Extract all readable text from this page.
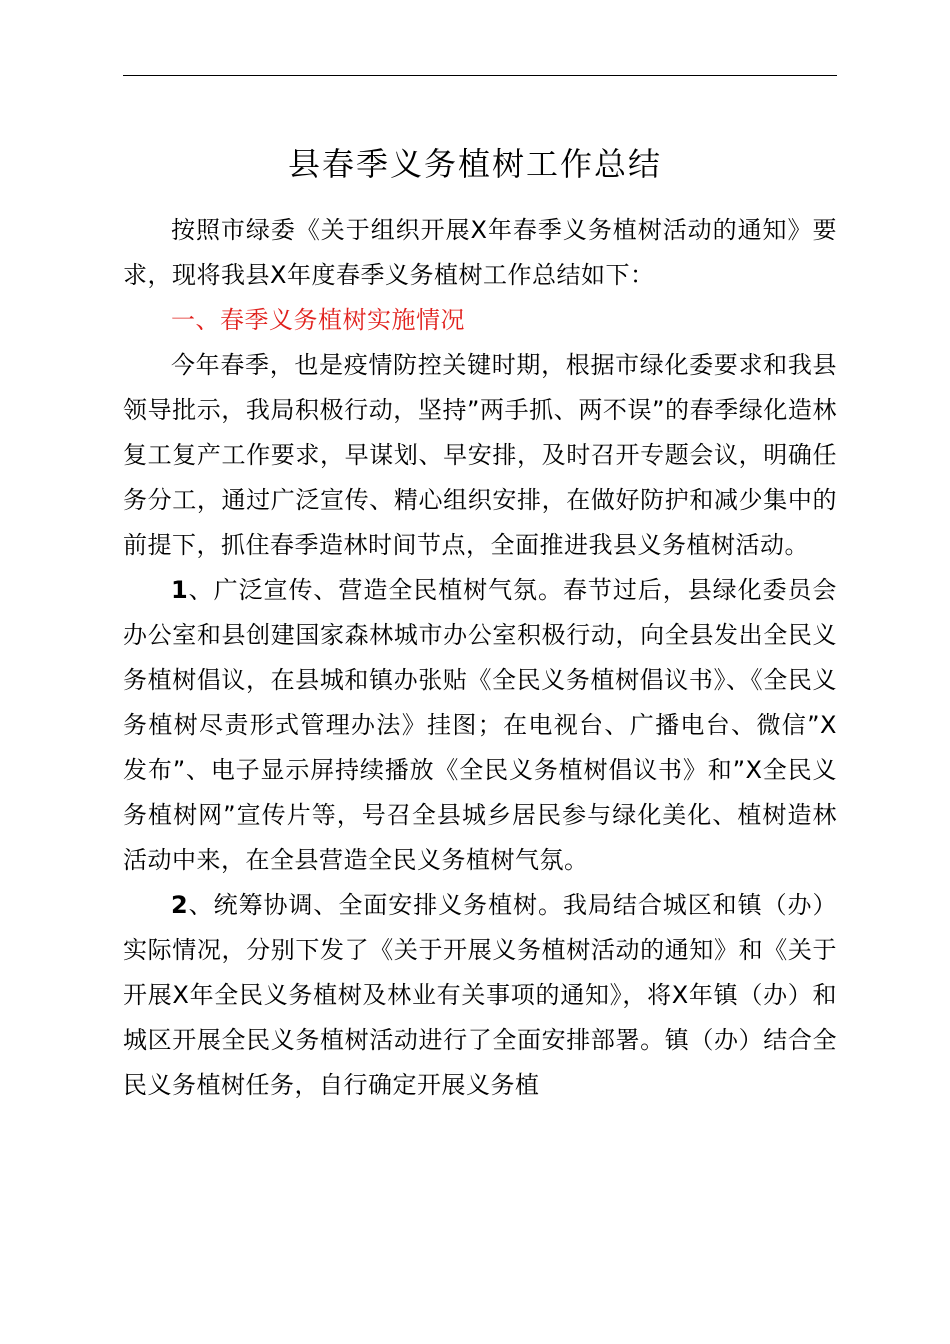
县春季义务植树工作总结

按照市绿委《关于组织开展X年春季义务植树活动的通知》要求，现将我县X年度春季义务植树工作总结如下：

一、春季义务植树实施情况

今年春季，也是疫情防控关键时期，根据市绿化委要求和我县领导批示，我局积极行动，坚持”两手抓、两不误”的春季绿化造林复工复产工作要求，早谋划、早安排，及时召开专题会议，明确任务分工，通过广泛宣传、精心组织安排，在做好防护和减少集中的前提下，抓住春季造林时间节点，全面推进我县义务植树活动。

1、广泛宣传、营造全民植树气氛。春节过后，县绿化委员会办公室和县创建国家森林城市办公室积极行动，向全县发出全民义务植树倡议，在县城和镇办张贴《全民义务植树倡议书》、《全民义务植树尽责形式管理办法》挂图；在电视台、广播电台、微信”X发布”、电子显示屏持续播放《全民义务植树倡议书》和”X全民义务植树网”宣传片等，号召全县城乡居民参与绿化美化、植树造林活动中来，在全县营造全民义务植树气氛。

2、统筹协调、全面安排义务植树。我局结合城区和镇（办）实际情况，分别下发了《关于开展义务植树活动的通知》和《关于开展X年全民义务植树及林业有关事项的通知》，将X年镇（办）和城区开展全民义务植树活动进行了全面安排部署。镇（办）结合全民义务植树任务，自行确定开展义务植
